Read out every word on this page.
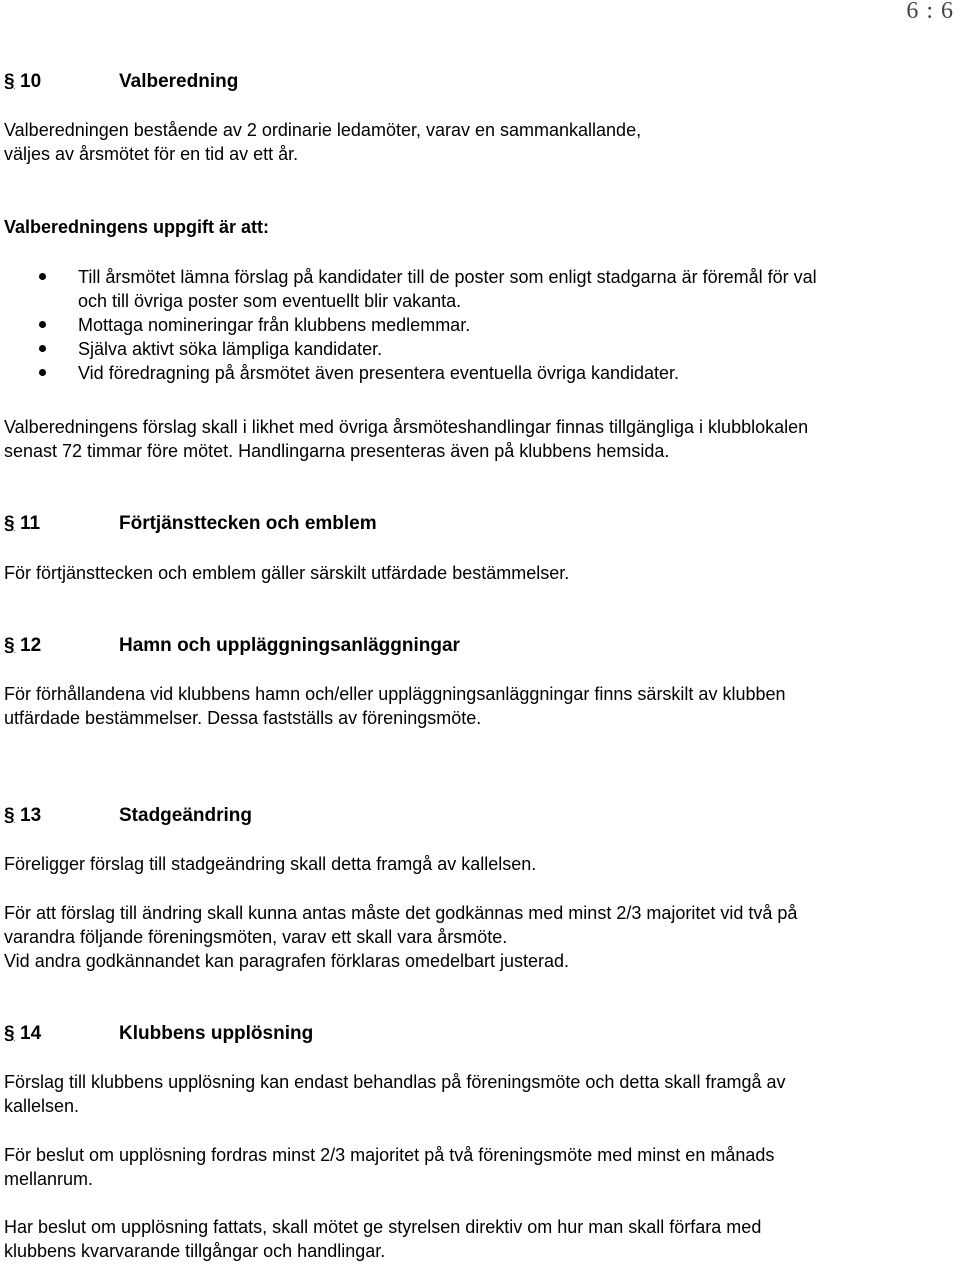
6 : 6
§ 10	Valberedning

Valberedningen bestående av 2 ordinarie ledamöter, varav en sammankallande,
väljes av årsmötet för en tid av ett år.

Valberedningens uppgift är att:

Till årsmötet lämna förslag på kandidater till de poster som enligt stadgarna är föremål för val
och till övriga poster som eventuellt blir vakanta.
Mottaga nomineringar från klubbens medlemmar.
Själva aktivt söka lämpliga kandidater.
Vid föredragning på årsmötet även presentera eventuella övriga kandidater.

Valberedningens förslag skall i likhet med övriga årsmöteshandlingar finnas tillgängliga i klubblokalen
senast 72 timmar före mötet. Handlingarna presenteras även på klubbens hemsida.

§ 11	Förtjänsttecken och emblem

För förtjänsttecken och emblem gäller särskilt utfärdade bestämmelser.

§ 12	Hamn och uppläggningsanläggningar

För förhållandena vid klubbens hamn och/eller uppläggningsanläggningar finns särskilt av klubben
utfärdade bestämmelser. Dessa fastställs av föreningsmöte.

§ 13	Stadgeändring

Föreligger förslag till stadgeändring skall detta framgå av kallelsen.

För att förslag till ändring skall kunna antas måste det godkännas med minst 2/3 majoritet vid två på
varandra följande föreningsmöten, varav ett skall vara årsmöte.
Vid andra godkännandet kan paragrafen förklaras omedelbart justerad.

§ 14	Klubbens upplösning

Förslag till klubbens upplösning kan endast behandlas på föreningsmöte och detta skall framgå av
kallelsen.

För beslut om upplösning fordras minst 2/3 majoritet på två föreningsmöte med minst en månads
mellanrum.

Har beslut om upplösning fattats, skall mötet ge styrelsen direktiv om hur man skall förfara med
klubbens kvarvarande tillgångar och handlingar.
